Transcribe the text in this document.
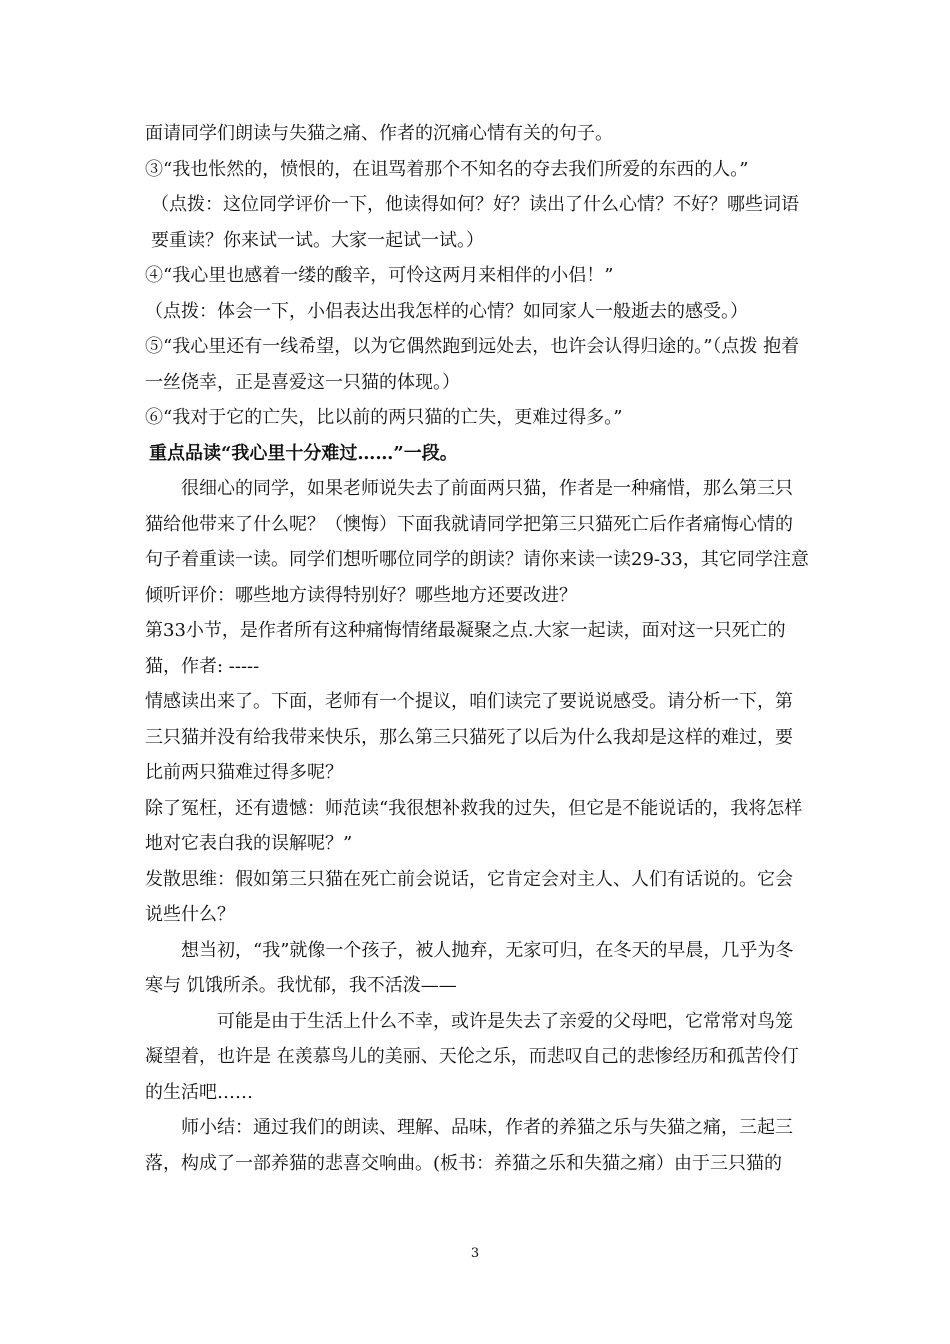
面请同学们朗读与失猫之痛、作者的沉痛心情有关的句子。

③“我也怅然的，愤恨的，在诅骂着那个不知名的夺去我们所爱的东西的人。”

（点拨：这位同学评价一下，他读得如何？好？读出了什么心情？不好？哪些词语要重读？你来试一试。大家一起试一试。）

④“我心里也感着一缕的酸辛，可怜这两月来相伴的小侣！”

（点拨：体会一下，小侣表达出我怎样的心情？如同家人一般逝去的感受。）

⑤“我心里还有一线希望，以为它偶然跑到远处去，也许会认得归途的。”（点拨 抱着一丝侥幸，正是喜爱这一只猫的体现。）

⑥“我对于它的亡失，比以前的两只猫的亡失，更难过得多。”

重点品读“我心里十分难过……”一段。

很细心的同学，如果老师说失去了前面两只猫，作者是一种痛惜，那么第三只猫给他带来了什么呢？（懊悔）下面我就请同学把第三只猫死亡后作者痛悔心情的句子着重读一读。同学们想听哪位同学的朗读？请你来读一读29-33，其它同学注意倾听评价：哪些地方读得特别好？哪些地方还要改进？

第33小节，是作者所有这种痛悔情绪最凝聚之点.大家一起读，面对这一只死亡的猫，作者: -----

情感读出来了。下面，老师有一个提议，咱们读完了要说说感受。请分析一下，第三只猫并没有给我带来快乐，那么第三只猫死了以后为什么我却是这样的难过，要比前两只猫难过得多呢？

除了冤枉，还有遗憾：师范读“我很想补救我的过失，但它是不能说话的，我将怎样地对它表白我的误解呢？”

发散思维：假如第三只猫在死亡前会说话，它肯定会对主人、人们有话说的。它会说些什么？

想当初，“我”就像一个孩子，被人抛弃，无家可归，在冬天的早晨，几乎为冬寒与 饥饿所杀。我忧郁，我不活泼——

可能是由于生活上什么不幸，或许是失去了亲爱的父母吧，它常常对鸟笼凝望着，也许是 在羡慕鸟儿的美丽、天伦之乐，而悲叹自己的悲惨经历和孤苦伶仃的生活吧……

师小结：通过我们的朗读、理解、品味，作者的养猫之乐与失猫之痛，三起三落，构成了一部养猫的悲喜交响曲。(板书：养猫之乐和失猫之痛）由于三只猫的

3
